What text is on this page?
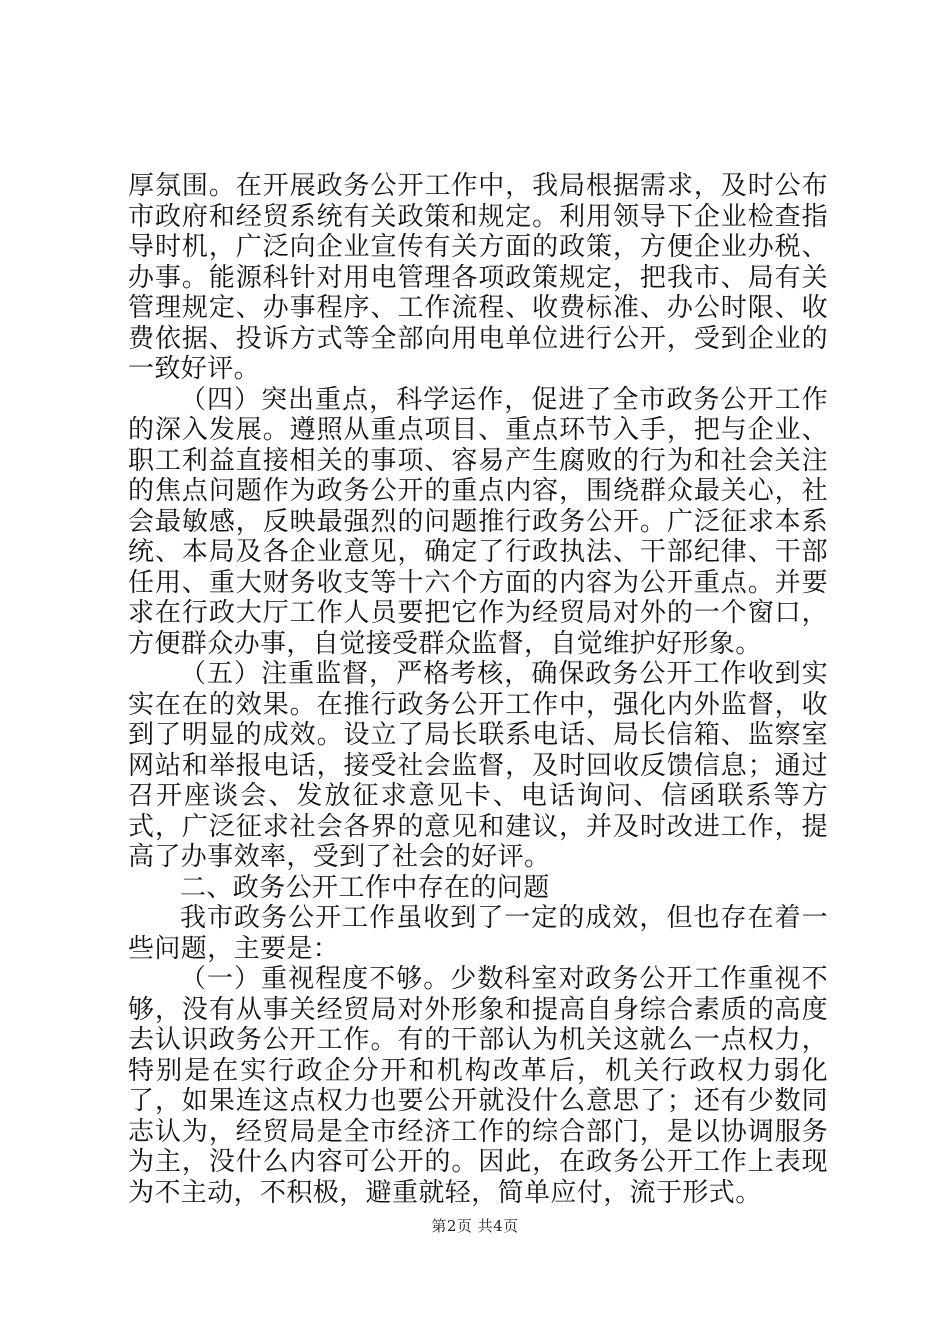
厚氛围。在开展政务公开工作中，我局根据需求，及时公布市政府和经贸系统有关政策和规定。利用领导下企业检查指导时机，广泛向企业宣传有关方面的政策，方便企业办税、办事。能源科针对用电管理各项政策规定，把我市、局有关管理规定、办事程序、工作流程、收费标准、办公时限、收费依据、投诉方式等全部向用电单位进行公开，受到企业的一致好评。

（四）突出重点，科学运作，促进了全市政务公开工作的深入发展。遵照从重点项目、重点环节入手，把与企业、职工利益直接相关的事项、容易产生腐败的行为和社会关注的焦点问题作为政务公开的重点内容，围绕群众最关心，社会最敏感，反映最强烈的问题推行政务公开。广泛征求本系统、本局及各企业意见，确定了行政执法、干部纪律、干部任用、重大财务收支等十六个方面的内容为公开重点。并要求在行政大厅工作人员要把它作为经贸局对外的一个窗口，方便群众办事，自觉接受群众监督，自觉维护好形象。

（五）注重监督，严格考核，确保政务公开工作收到实实在在的效果。在推行政务公开工作中，强化内外监督，收到了明显的成效。设立了局长联系电话、局长信箱、监察室网站和举报电话，接受社会监督，及时回收反馈信息；通过召开座谈会、发放征求意见卡、电话询问、信函联系等方式，广泛征求社会各界的意见和建议，并及时改进工作，提高了办事效率，受到了社会的好评。

二、政务公开工作中存在的问题

我市政务公开工作虽收到了一定的成效，但也存在着一些问题，主要是：

（一）重视程度不够。少数科室对政务公开工作重视不够，没有从事关经贸局对外形象和提高自身综合素质的高度去认识政务公开工作。有的干部认为机关这就么一点权力，特别是在实行政企分开和机构改革后，机关行政权力弱化了，如果连这点权力也要公开就没什么意思了；还有少数同志认为，经贸局是全市经济工作的综合部门，是以协调服务为主，没什么内容可公开的。因此，在政务公开工作上表现为不主动，不积极，避重就轻，简单应付，流于形式。

第2页 共4页
